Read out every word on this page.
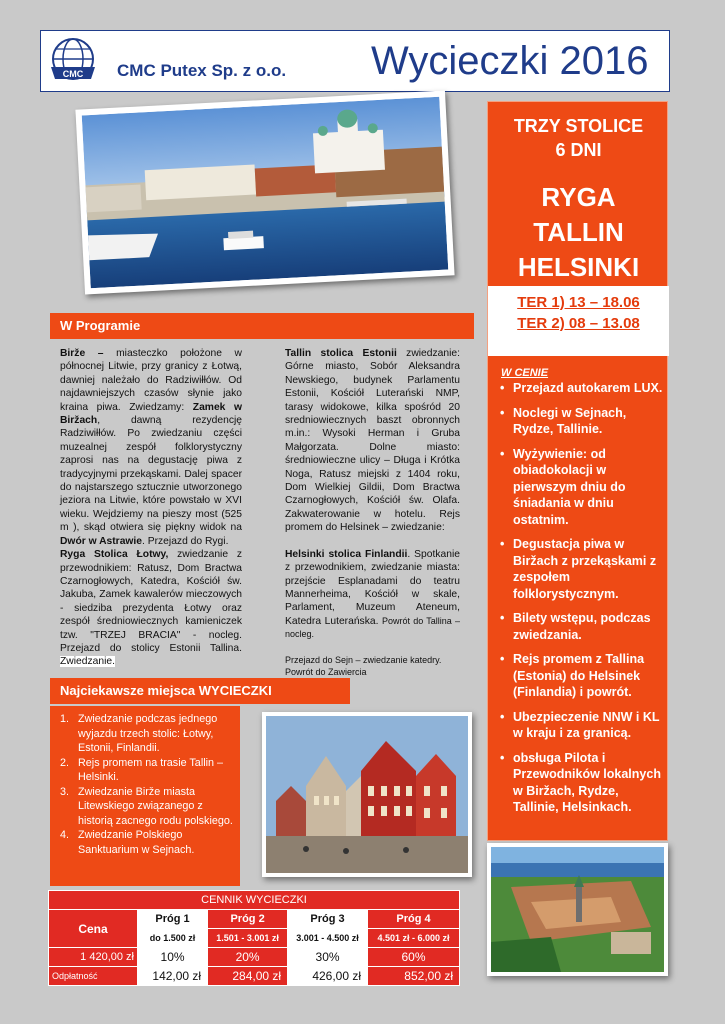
CMC CMC Putex Sp. z o.o. Wycieczki 2016
TRZY STOLICE
6 DNI
RYGA
TALLIN
HELSINKI
TER 1) 13 – 18.06
TER 2) 08 – 13.08
W CENIE
• Przejazd autokarem LUX.
• Noclegi w Sejnach, Rydze, Tallinie.
• Wyżywienie: od obiadokolacji w pierwszym dniu do śniadania w dniu ostatnim.
• Degustacja piwa w Biržach z przekąskami z zespołem folklorystycznym.
• Bilety wstępu, podczas zwiedzania.
• Rejs promem z Tallina (Estonia) do Helsinek (Finlandia) i powrót.
• Ubezpieczenie NNW i KL w kraju i za granicą.
• obsługa Pilota i Przewodników lokalnych w Biržach, Rydze, Tallinie, Helsinkach.
W Programie

Birže – miasteczko położone w północnej Litwie, przy granicy z Łotwą, dawniej należało do Radziwiłłów. Od najdawniejszych czasów słynie jako kraina piwa. Zwiedzamy: Zamek w Biržach, dawną rezydencję Radziwiłłów. Po zwiedzaniu części muzealnej zespół folklorystyczny zaprosi nas na degustację piwa z tradycyjnymi przekąskami. Dalej spacer do najstarszego sztucznie utworzonego jeziora na Litwie, które powstało w XVI wieku. Wejdziemy na pieszy most (525 m ), skąd otwiera się piękny widok na Dwór w Astrawie. Przejazd do Rygi.

Ryga Stolica Łotwy, zwiedzanie z przewodnikiem: Ratusz, Dom Bractwa Czarnogłowych, Katedra, Kościół św. Jakuba, Zamek kawalerów mieczowych - siedziba prezydenta Łotwy oraz zespół średniowiecznych kamieniczek tzw. "TRZEJ BRACIA" - nocleg. Przejazd do stolicy Estonii Tallina. Zwiedzanie.

Tallin stolica Estonii zwiedzanie: Górne miasto, Sobór Aleksandra Newskiego, budynek Parlamentu Estonii, Kościół Luterański NMP, tarasy widokowe, kilka spośród 20 sredniowiecznych baszt obronnych m.in.: Wysoki Herman i Gruba Małgorzata. Dolne miasto: średniowieczne ulicy – Długa i Krótka Noga, Ratusz miejski z 1404 roku, Dom Wielkiej Gildii, Dom Bractwa Czarnogłowych, Kościół św. Olafa. Zakwaterowanie w hotelu. Rejs promem do Helsinek – zwiedzanie:

Helsinki stolica Finlandii. Spotkanie z przewodnikiem, zwiedzanie miasta: przejście Esplanadami do teatru Mannerheima, Kościół w skale, Parlament, Muzeum Ateneum, Katedra Luterańska. Powrót do Tallina – nocleg.

Przejazd do Sejn – zwiedzanie katedry.
Powrót do Zawiercia

Najciekawsze miejsca WYCIECZKI
1. Zwiedzanie podczas jednego wyjazdu trzech stolic: Łotwy, Estonii, Finlandii.
2. Rejs promem na trasie Tallin – Helsinki.
3. Zwiedzanie Birže miasta Litewskiego związanego z historią zacnego rodu polskiego.
4. Zwiedzanie Polskiego Sanktuarium w Sejnach.
CENNIK WYCIECZKI				
Cena	Próg 1	Próg 2	Próg 3	Próg 4
	do 1.500 zł	1.501 - 3.001 zł	3.001 - 4.500 zł	4.501 zł - 6.000 zł
1 420,00 zł	10%	20%	30%	60%
Odpłatność	142,00 zł	284,00 zł	426,00 zł	852,00 zł
